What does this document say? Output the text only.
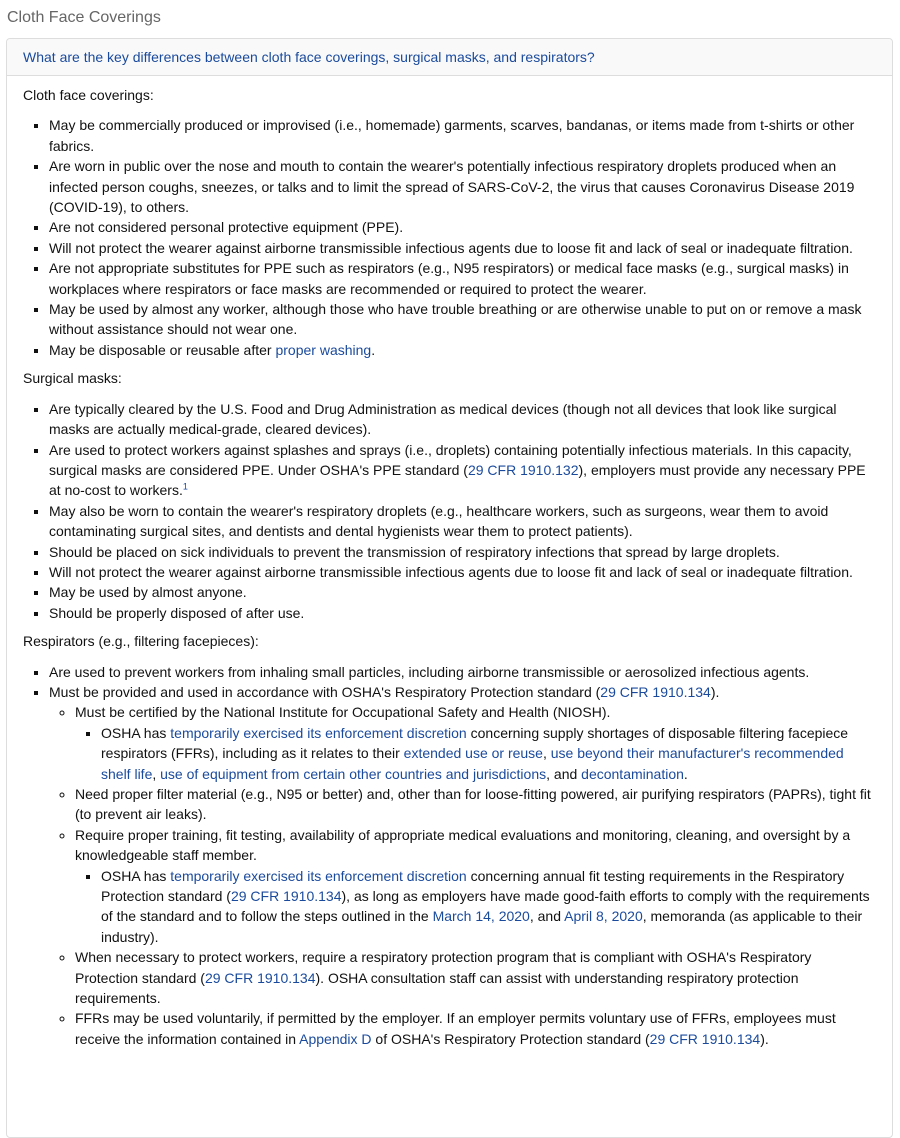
Cloth Face Coverings
What are the key differences between cloth face coverings, surgical masks, and respirators?

Cloth face coverings:

▪ May be commercially produced or improvised (i.e., homemade) garments, scarves, bandanas, or items made from t-shirts or other fabrics.
▪ Are worn in public over the nose and mouth to contain the wearer's potentially infectious respiratory droplets produced when an infected person coughs, sneezes, or talks and to limit the spread of SARS-CoV-2, the virus that causes Coronavirus Disease 2019 (COVID-19), to others.
▪ Are not considered personal protective equipment (PPE).
▪ Will not protect the wearer against airborne transmissible infectious agents due to loose fit and lack of seal or inadequate filtration.
▪ Are not appropriate substitutes for PPE such as respirators (e.g., N95 respirators) or medical face masks (e.g., surgical masks) in workplaces where respirators or face masks are recommended or required to protect the wearer.
▪ May be used by almost any worker, although those who have trouble breathing or are otherwise unable to put on or remove a mask without assistance should not wear one.
▪ May be disposable or reusable after proper washing.

Surgical masks:

▪ Are typically cleared by the U.S. Food and Drug Administration as medical devices (though not all devices that look like surgical masks are actually medical-grade, cleared devices).
▪ Are used to protect workers against splashes and sprays (i.e., droplets) containing potentially infectious materials. In this capacity, surgical masks are considered PPE. Under OSHA's PPE standard (29 CFR 1910.132), employers must provide any necessary PPE at no-cost to workers.$^1$
▪ May also be worn to contain the wearer's respiratory droplets (e.g., healthcare workers, such as surgeons, wear them to avoid contaminating surgical sites, and dentists and dental hygienists wear them to protect patients).
▪ Should be placed on sick individuals to prevent the transmission of respiratory infections that spread by large droplets.
▪ Will not protect the wearer against airborne transmissible infectious agents due to loose fit and lack of seal or inadequate filtration.
▪ May be used by almost anyone.
▪ Should be properly disposed of after use.

Respirators (e.g., filtering facepieces):

▪ Are used to prevent workers from inhaling small particles, including airborne transmissible or aerosolized infectious agents.
▪ Must be provided and used in accordance with OSHA's Respiratory Protection standard (29 CFR 1910.134).
◦ Must be certified by the National Institute for Occupational Safety and Health (NIOSH).
▪ OSHA has temporarily exercised its enforcement discretion concerning supply shortages of disposable filtering facepiece respirators (FFRs), including as it relates to their extended use or reuse, use beyond their manufacturer's recommended shelf life, use of equipment from certain other countries and jurisdictions, and decontamination.
◦ Need proper filter material (e.g., N95 or better) and, other than for loose-fitting powered, air purifying respirators (PAPRs), tight fit (to prevent air leaks).
◦ Require proper training, fit testing, availability of appropriate medical evaluations and monitoring, cleaning, and oversight by a knowledgeable staff member.
▪ OSHA has temporarily exercised its enforcement discretion concerning annual fit testing requirements in the Respiratory Protection standard (29 CFR 1910.134), as long as employers have made good-faith efforts to comply with the requirements of the standard and to follow the steps outlined in the March 14, 2020, and April 8, 2020, memoranda (as applicable to their industry).
◦ When necessary to protect workers, require a respiratory protection program that is compliant with OSHA's Respiratory Protection standard (29 CFR 1910.134). OSHA consultation staff can assist with understanding respiratory protection requirements.
◦ FFRs may be used voluntarily, if permitted by the employer. If an employer permits voluntary use of FFRs, employees must receive the information contained in Appendix D of OSHA's Respiratory Protection standard (29 CFR 1910.134).
